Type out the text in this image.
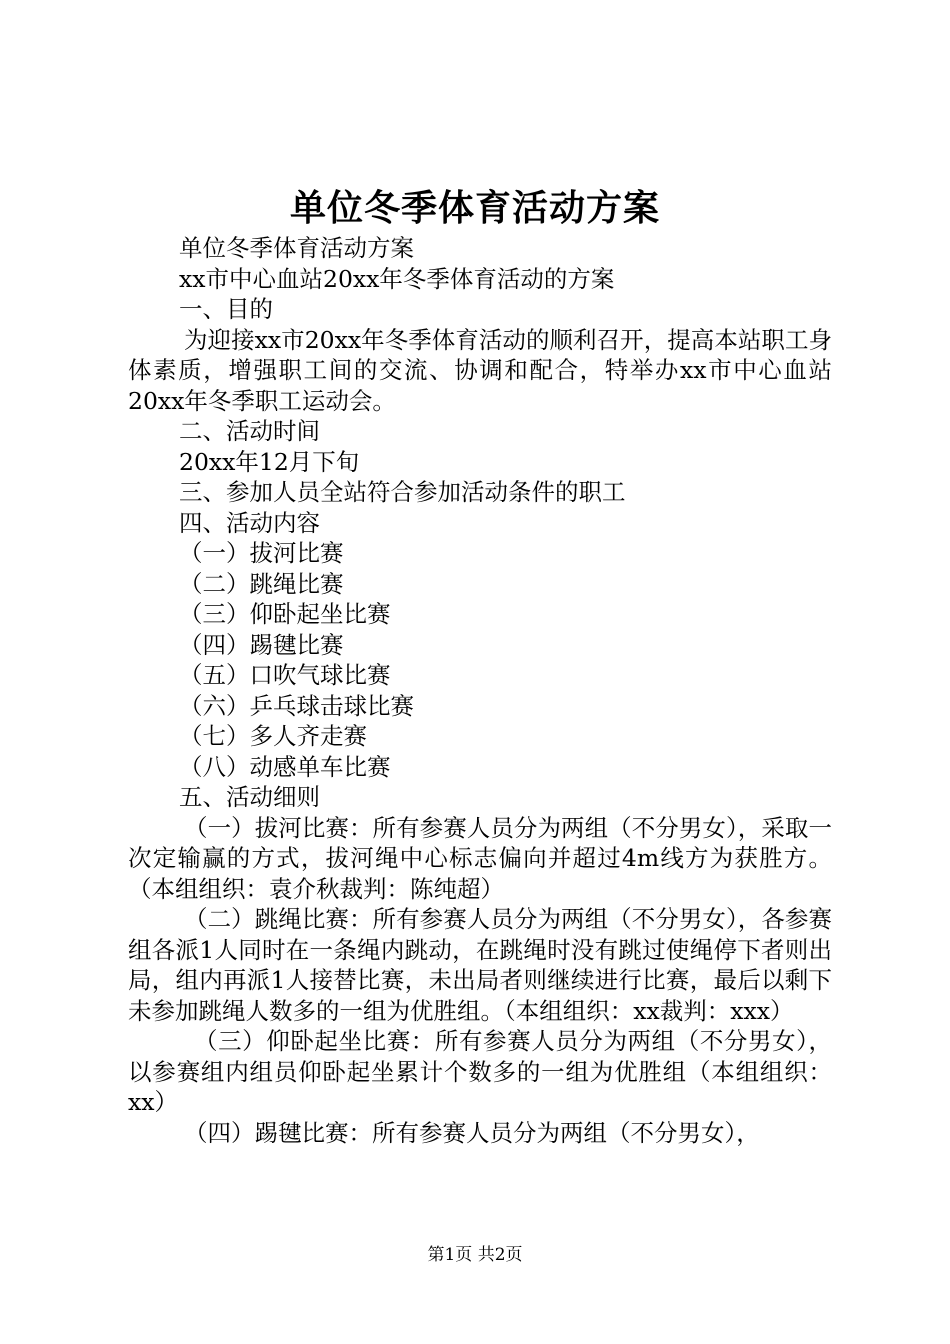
单位冬季体育活动方案
单位冬季体育活动方案
xx市中心血站20xx年冬季体育活动的方案
一、目的
为迎接xx市20xx年冬季体育活动的顺利召开，提高本站职工身体素质，增强职工间的交流、协调和配合，特举办xx市中心血站20xx年冬季职工运动会。
二、活动时间
20xx年12月下旬
三、参加人员全站符合参加活动条件的职工
四、活动内容
（一）拔河比赛
（二）跳绳比赛
（三）仰卧起坐比赛
（四）踢毽比赛
（五）口吹气球比赛
（六）乒乓球击球比赛
（七）多人齐走赛
（八）动感单车比赛
五、活动细则
（一）拔河比赛：所有参赛人员分为两组（不分男女），采取一次定输赢的方式，拔河绳中心标志偏向并超过4m线方为获胜方。（本组组织：袁介秋裁判：陈纯超）
（二）跳绳比赛：所有参赛人员分为两组（不分男女），各参赛组各派1人同时在一条绳内跳动，在跳绳时没有跳过使绳停下者则出局，组内再派1人接替比赛，未出局者则继续进行比赛，最后以剩下未参加跳绳人数多的一组为优胜组。（本组组织：xx裁判：xxx）
（三）仰卧起坐比赛：所有参赛人员分为两组（不分男女），以参赛组内组员仰卧起坐累计个数多的一组为优胜组（本组组织：xx）
（四）踢毽比赛：所有参赛人员分为两组（不分男女），
第1页 共2页
